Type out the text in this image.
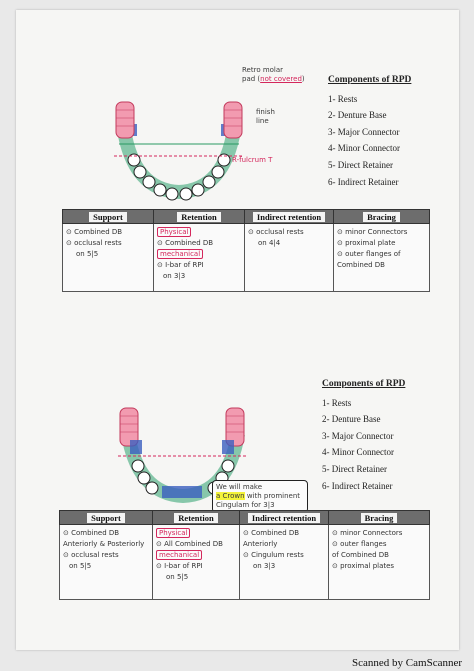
Retro molar
pad (not covered)
finish
line
R-fulcrum T
Components of RPD
1- Rests
2- Denture Base
3- Major Connector
4- Minor Connector
5- Direct Retainer
6- Indirect Retainer
Support	Retention	Indirect retention	Bracing

⊙ Combined DB
⊙ occlusal rests
on 5|5	Physical
⊙ Combined DB
mechanical
⊙ I-bar of RPI
on 3|3	⊙ occlusal rests
on 4|4	⊙ minor Connectors
⊙ proximal plate
⊙ outer flanges of
Combined DB
We will make
a Crown with prominent
Cingulam for 3|3
Components of RPD
1- Rests
2- Denture Base
3- Major Connector
4- Minor Connector
5- Direct Retainer
6- Indirect Retainer
Support	Retention	Indirect retention	Bracing

⊙ Combined DB
Anteriorly & Posteriorly
⊙ occlusal rests
on 5|5	Physical
⊙ All Combined DB
mechanical
⊙ I-bar of RPI
on 5|5	⊙ Combined DB
Anteriorly
⊙ Cingulum rests
on 3|3	⊙ minor Connectors
⊙ outer flanges
of Combined DB
⊙ proximal plates
Scanned by CamScanner
